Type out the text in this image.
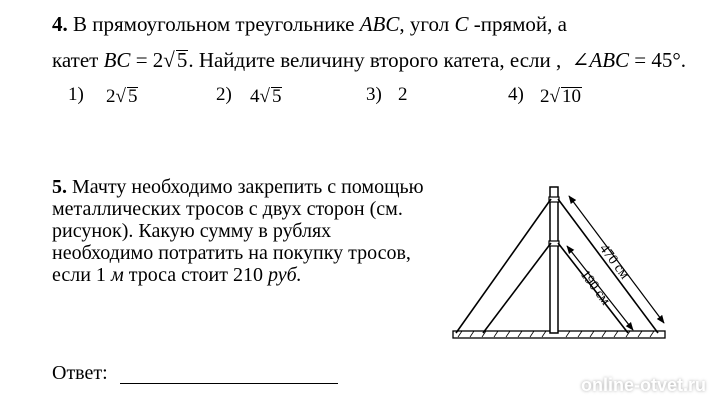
4. В прямоугольном треугольнике ABC, угол C -прямой, а
катет BC = 2√5. Найдите величину второго катета, если , ∠ABC = 45°.
1) 2√ 5	2) 4√ 5	3) 2	4) 2√ 10
5. Мачту необходимо закрепить с помощью
металлических тросов с двух сторон (см.
рисунок). Какую сумму в рублях
необходимо потратить на покупку тросов,
если 1 м троса стоит 210 руб.
Ответ:
470 см
190 см
online-otvet.ru
